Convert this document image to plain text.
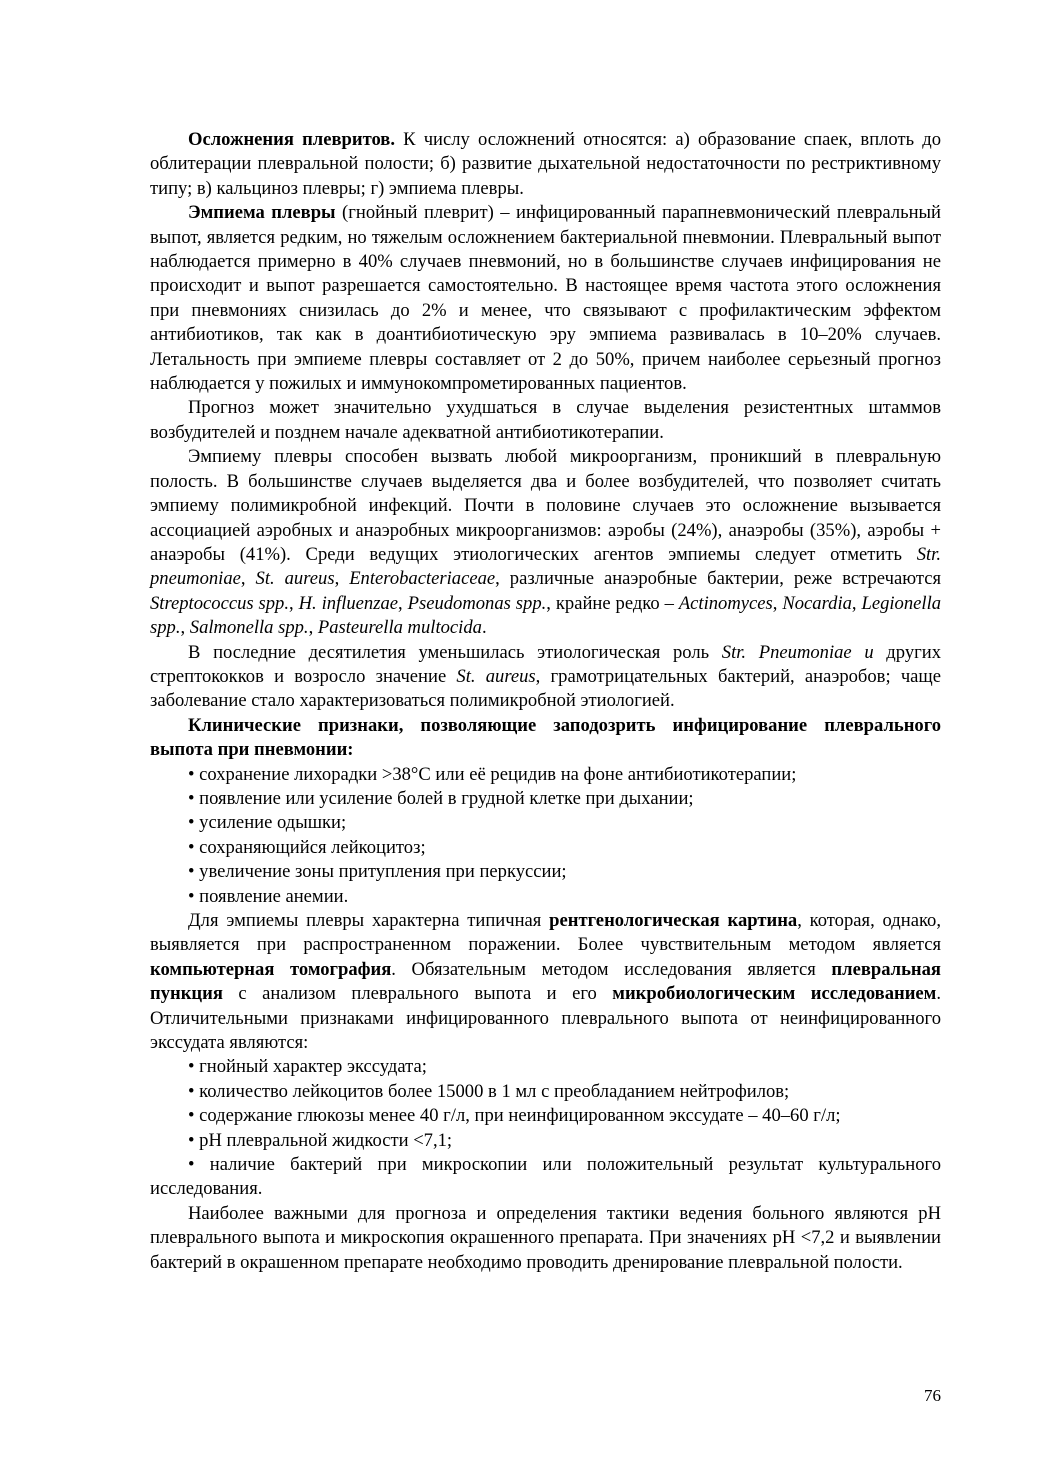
Осложнения плевритов. К числу осложнений относятся: а) образование спаек, вплоть до облитерации плевральной полости; б) развитие дыхательной недостаточности по рестриктивному типу; в) кальциноз плевры; г) эмпиема плевры.

Эмпиема плевры (гнойный плеврит) – инфицированный парапневмонический плевральный выпот, является редким, но тяжелым осложнением бактериальной пневмонии. Плевральный выпот наблюдается примерно в 40% случаев пневмоний, но в большинстве случаев инфицирования не происходит и выпот разрешается самостоятельно. В настоящее время частота этого осложнения при пневмониях снизилась до 2% и менее, что связывают с профилактическим эффектом антибиотиков, так как в доантибиотическую эру эмпиема развивалась в 10–20% случаев. Летальность при эмпиеме плевры составляет от 2 до 50%, причем наиболее серьезный прогноз наблюдается у пожилых и иммунокомпрометированных пациентов.

Прогноз может значительно ухудшаться в случае выделения резистентных штаммов возбудителей и позднем начале адекватной антибиотикотерапии.

Эмпиему плевры способен вызвать любой микроорганизм, проникший в плевральную полость. В большинстве случаев выделяется два и более возбудителей, что позволяет считать эмпиему полимикробной инфекций. Почти в половине случаев это осложнение вызывается ассоциацией аэробных и анаэробных микроорганизмов: аэробы (24%), анаэробы (35%), аэробы + анаэробы (41%). Среди ведущих этиологических агентов эмпиемы следует отметить Str. pneumoniae, St. aureus, Enterobacteriaceae, различные анаэробные бактерии, реже встречаются Streptococcus spp., H. influenzae, Pseudomonas spp., крайне редко – Actinomyces, Nocardia, Legionella spp., Salmonella spp., Pasteurella multocida.

В последние десятилетия уменьшилась этиологическая роль Str. Pneumoniae и других стрептококков и возросло значение St. aureus, грамотрицательных бактерий, анаэробов; чаще заболевание стало характеризоваться полимикробной этиологией.

Клинические признаки, позволяющие заподозрить инфицирование плеврального выпота при пневмонии:

• сохранение лихорадки >38°С или её рецидив на фоне антибиотикотерапии;

• появление или усиление болей в грудной клетке при дыхании;

• усиление одышки;

• сохраняющийся лейкоцитоз;

• увеличение зоны притупления при перкуссии;

• появление анемии.

Для эмпиемы плевры характерна типичная рентгенологическая картина, которая, однако, выявляется при распространенном поражении. Более чувствительным методом является компьютерная томография. Обязательным методом исследования является плевральная пункция с анализом плеврального выпота и его микробиологическим исследованием. Отличительными признаками инфицированного плеврального выпота от неинфицированного экссудата являются:

• гнойный характер экссудата;

• количество лейкоцитов более 15000 в 1 мл с преобладанием нейтрофилов;

• содержание глюкозы менее 40 г/л, при неинфицированном экссудате – 40–60 г/л;

• рН плевральной жидкости <7,1;

• наличие бактерий при микроскопии или положительный результат культурального исследования.

Наиболее важными для прогноза и определения тактики ведения больного являются рН плеврального выпота и микроскопия окрашенного препарата. При значениях рН <7,2 и выявлении бактерий в окрашенном препарате необходимо проводить дренирование плевральной полости.

76
